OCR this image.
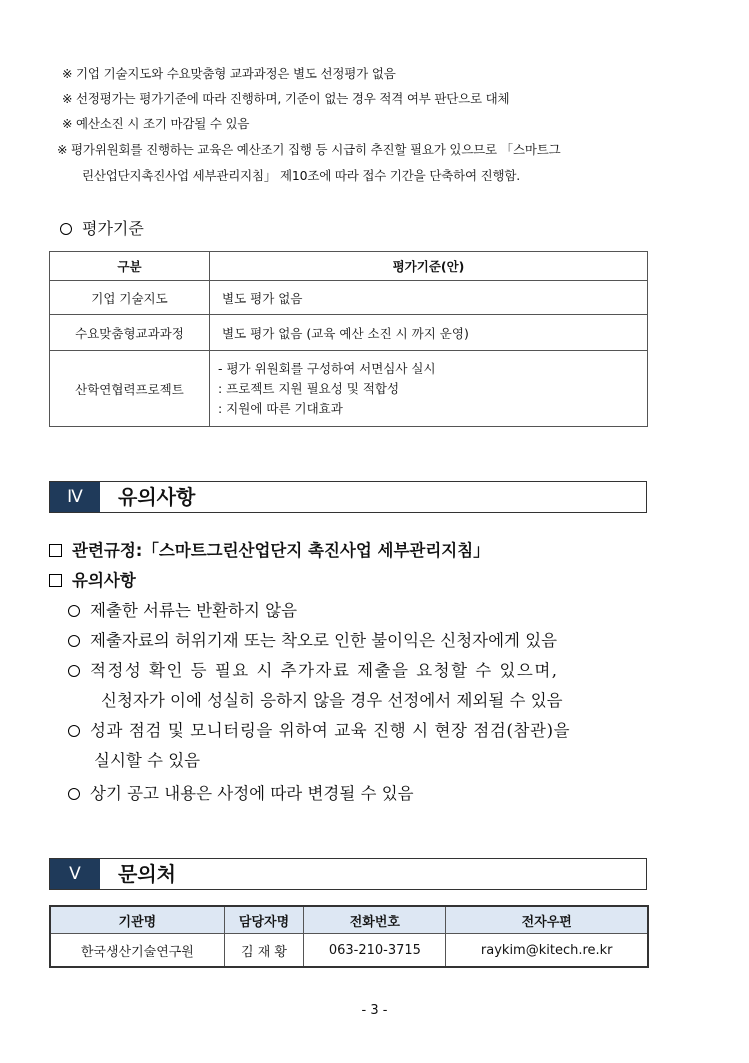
※ 기업 기술지도와 수요맞춤형 교과과정은 별도 선정평가 없음
※ 선정평가는 평가기준에 따라 진행하며, 기준이 없는 경우 적격 여부 판단으로 대체
※ 예산소진 시 조기 마감될 수 있음
※ 평가위원회를 진행하는 교육은 예산조기 집행 등 시급히 추진할 필요가 있으므로 「스마트그
린산업단지촉진사업 세부관리지침」 제10조에 따라 접수 기간을 단축하여 진행함.
평가기준
구분	평가기준(안)
기업 기술지도	별도 평가 없음
수요맞춤형교과과정	별도 평가 없음 (교육 예산 소진 시 까지 운영)
산학연협력프로젝트	- 평가 위원회를 구성하여 서면심사 실시
: 프로젝트 지원 필요성 및 적합성
: 지원에 따른 기대효과
Ⅳ	유의사항
관련규정:「스마트그린산업단지 촉진사업 세부관리지침」
유의사항
제출한 서류는 반환하지 않음
제출자료의 허위기재 또는 착오로 인한 불이익은 신청자에게 있음
적정성 확인 등 필요 시 추가자료 제출을 요청할 수 있으며,
신청자가 이에 성실히 응하지 않을 경우 선정에서 제외될 수 있음
성과 점검 및 모니터링을 위하여 교육 진행 시 현장 점검(참관)을
실시할 수 있음
상기 공고 내용은 사정에 따라 변경될 수 있음
Ⅴ	문의처
기관명	담당자명	전화번호	전자우편
한국생산기술연구원	김 재 황	063-210-3715	raykim@kitech.re.kr
- 3 -
